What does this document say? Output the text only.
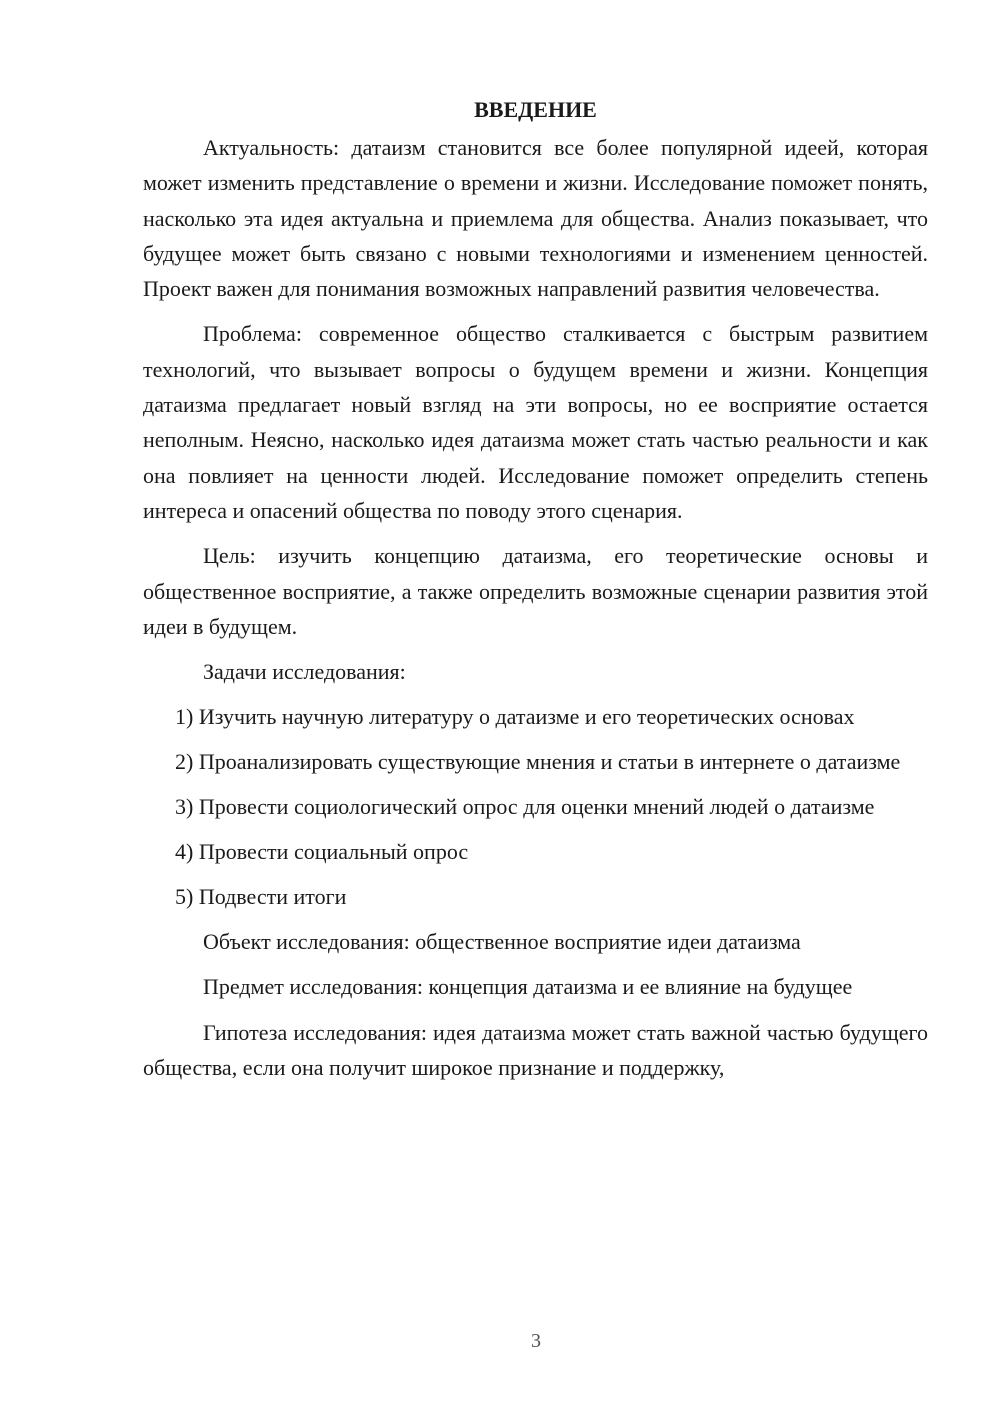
ВВЕДЕНИЕ

Актуальность: датаизм становится все более популярной идеей, которая может изменить представление о времени и жизни. Исследование поможет понять, насколько эта идея актуальна и приемлема для общества. Анализ показывает, что будущее может быть связано с новыми технологиями и изменением ценностей. Проект важен для понимания возможных направлений развития человечества.

Проблема: современное общество сталкивается с быстрым развитием технологий, что вызывает вопросы о будущем времени и жизни. Концепция датаизма предлагает новый взгляд на эти вопросы, но ее восприятие остается неполным. Неясно, насколько идея датаизма может стать частью реальности и как она повлияет на ценности людей. Исследование поможет определить степень интереса и опасений общества по поводу этого сценария.

Цель: изучить концепцию датаизма, его теоретические основы и общественное восприятие, а также определить возможные сценарии развития этой идеи в будущем.

Задачи исследования:

1) Изучить научную литературу о датаизме и его теоретических основах

2) Проанализировать существующие мнения и статьи в интернете о датаизме

3) Провести социологический опрос для оценки мнений людей о датаизме

4) Провести социальный опрос

5) Подвести итоги

Объект исследования: общественное восприятие идеи датаизма

Предмет исследования: концепция датаизма и ее влияние на будущее

Гипотеза исследования: идея датаизма может стать важной частью будущего общества, если она получит широкое признание и поддержку,

3
